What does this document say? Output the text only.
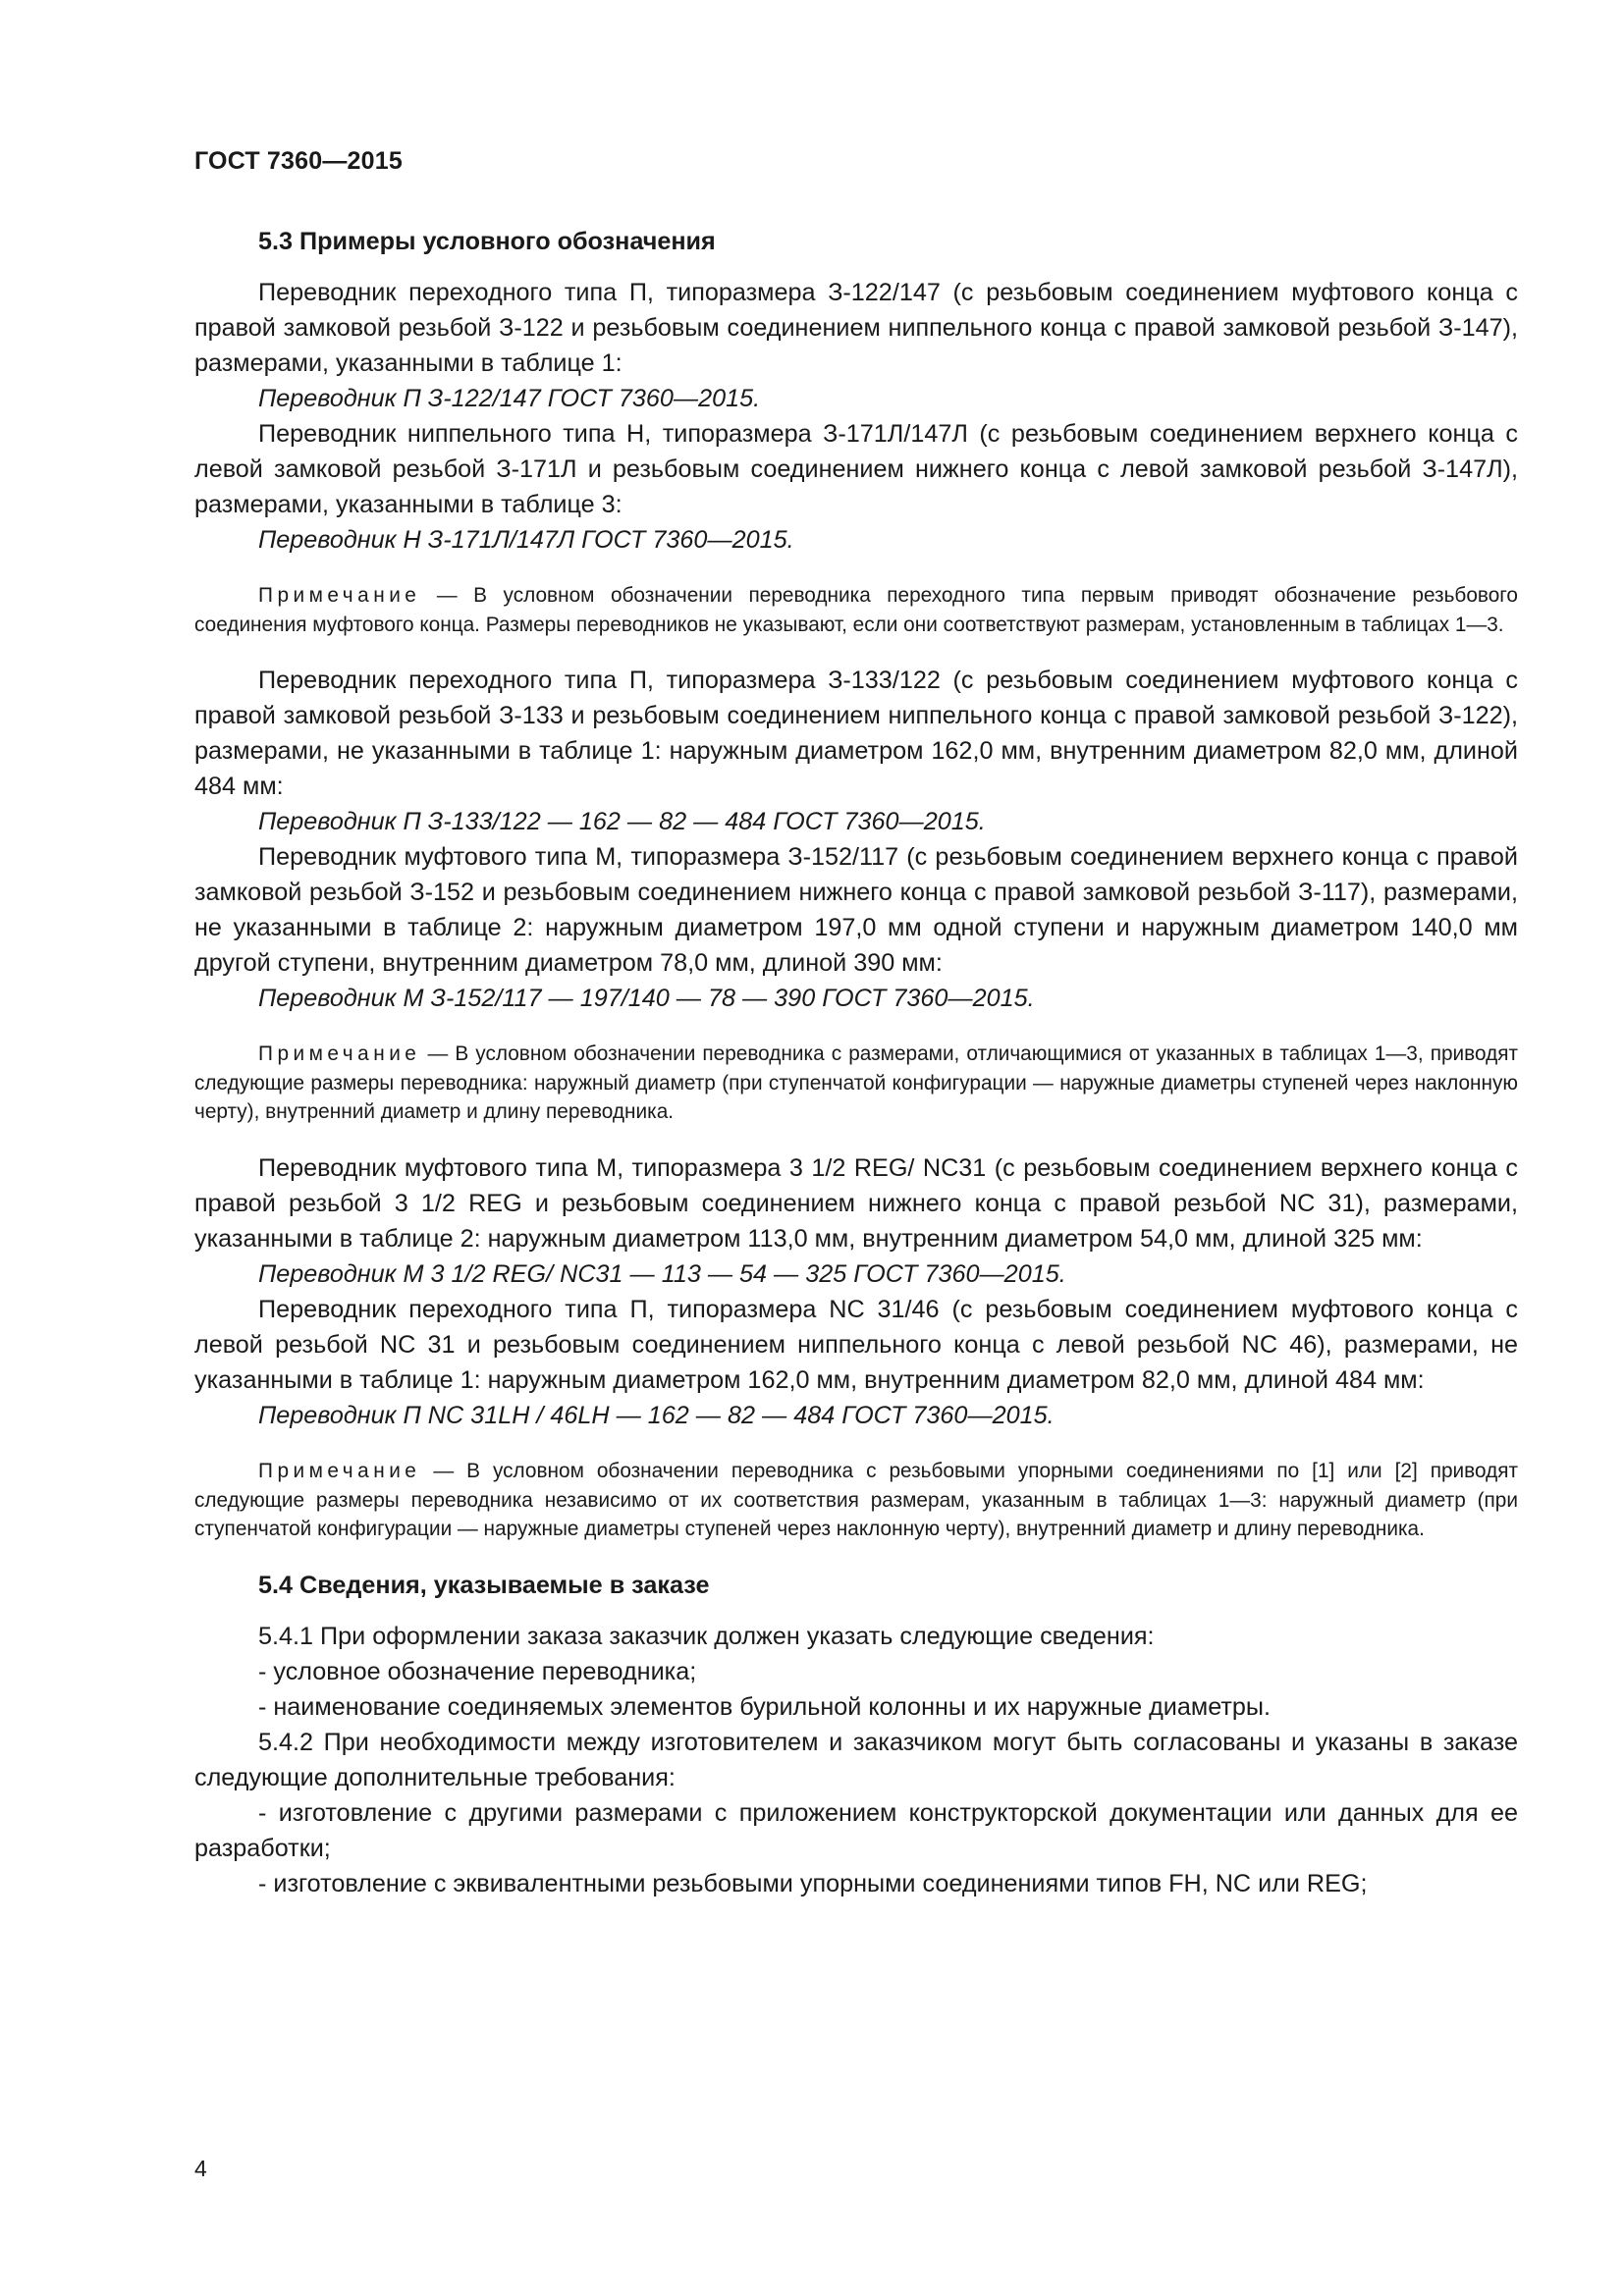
ГОСТ 7360—2015
5.3 Примеры условного обозначения

Переводник переходного типа П, типоразмера З-122/147 (с резьбовым соединением муфтового конца с правой замковой резьбой З-122 и резьбовым соединением ниппельного конца с правой замковой резьбой З-147), размерами, указанными в таблице 1:

Переводник П З-122/147 ГОСТ 7360—2015.

Переводник ниппельного типа Н, типоразмера З-171Л/147Л (с резьбовым соединением верхнего конца с левой замковой резьбой З-171Л и резьбовым соединением нижнего конца с левой замковой резьбой З-147Л), размерами, указанными в таблице 3:

Переводник Н З-171Л/147Л ГОСТ 7360—2015.

Примечание — В условном обозначении переводника переходного типа первым приводят обозначение резьбового соединения муфтового конца. Размеры переводников не указывают, если они соответствуют размерам, установленным в таблицах 1—3.

Переводник переходного типа П, типоразмера З-133/122 (с резьбовым соединением муфтового конца с правой замковой резьбой З-133 и резьбовым соединением ниппельного конца с правой замковой резьбой З-122), размерами, не указанными в таблице 1: наружным диаметром 162,0 мм, внутренним диаметром 82,0 мм, длиной 484 мм:

Переводник П З-133/122 — 162 — 82 — 484 ГОСТ 7360—2015.

Переводник муфтового типа М, типоразмера З-152/117 (с резьбовым соединением верхнего конца с правой замковой резьбой З-152 и резьбовым соединением нижнего конца с правой замковой резьбой З-117), размерами, не указанными в таблице 2: наружным диаметром 197,0 мм одной ступени и наружным диаметром 140,0 мм другой ступени, внутренним диаметром 78,0 мм, длиной 390 мм:

Переводник М З-152/117 — 197/140 — 78 — 390 ГОСТ 7360—2015.

Примечание — В условном обозначении переводника с размерами, отличающимися от указанных в таблицах 1—3, приводят следующие размеры переводника: наружный диаметр (при ступенчатой конфигурации — наружные диаметры ступеней через наклонную черту), внутренний диаметр и длину переводника.

Переводник муфтового типа М, типоразмера 3 1/2 REG/ NC31 (с резьбовым соединением верхнего конца с правой резьбой 3 1/2 REG и резьбовым соединением нижнего конца с правой резьбой NC 31), размерами, указанными в таблице 2: наружным диаметром 113,0 мм, внутренним диаметром 54,0 мм, длиной 325 мм:

Переводник М 3 1/2 REG/ NC31 — 113 — 54 — 325 ГОСТ 7360—2015.

Переводник переходного типа П, типоразмера NC 31/46 (с резьбовым соединением муфтового конца с левой резьбой NC 31 и резьбовым соединением ниппельного конца с левой резьбой NC 46), размерами, не указанными в таблице 1: наружным диаметром 162,0 мм, внутренним диаметром 82,0 мм, длиной 484 мм:

Переводник П NC 31LH / 46LH — 162 — 82 — 484 ГОСТ 7360—2015.

Примечание — В условном обозначении переводника с резьбовыми упорными соединениями по [1] или [2] приводят следующие размеры переводника независимо от их соответствия размерам, указанным в таблицах 1—3: наружный диаметр (при ступенчатой конфигурации — наружные диаметры ступеней через наклонную черту), внутренний диаметр и длину переводника.

5.4 Сведения, указываемые в заказе

5.4.1 При оформлении заказа заказчик должен указать следующие сведения:

- условное обозначение переводника;

- наименование соединяемых элементов бурильной колонны и их наружные диаметры.

5.4.2 При необходимости между изготовителем и заказчиком могут быть согласованы и указаны в заказе следующие дополнительные требования:

- изготовление с другими размерами с приложением конструкторской документации или данных для ее разработки;

- изготовление с эквивалентными резьбовыми упорными соединениями типов FH, NC или REG;

4
